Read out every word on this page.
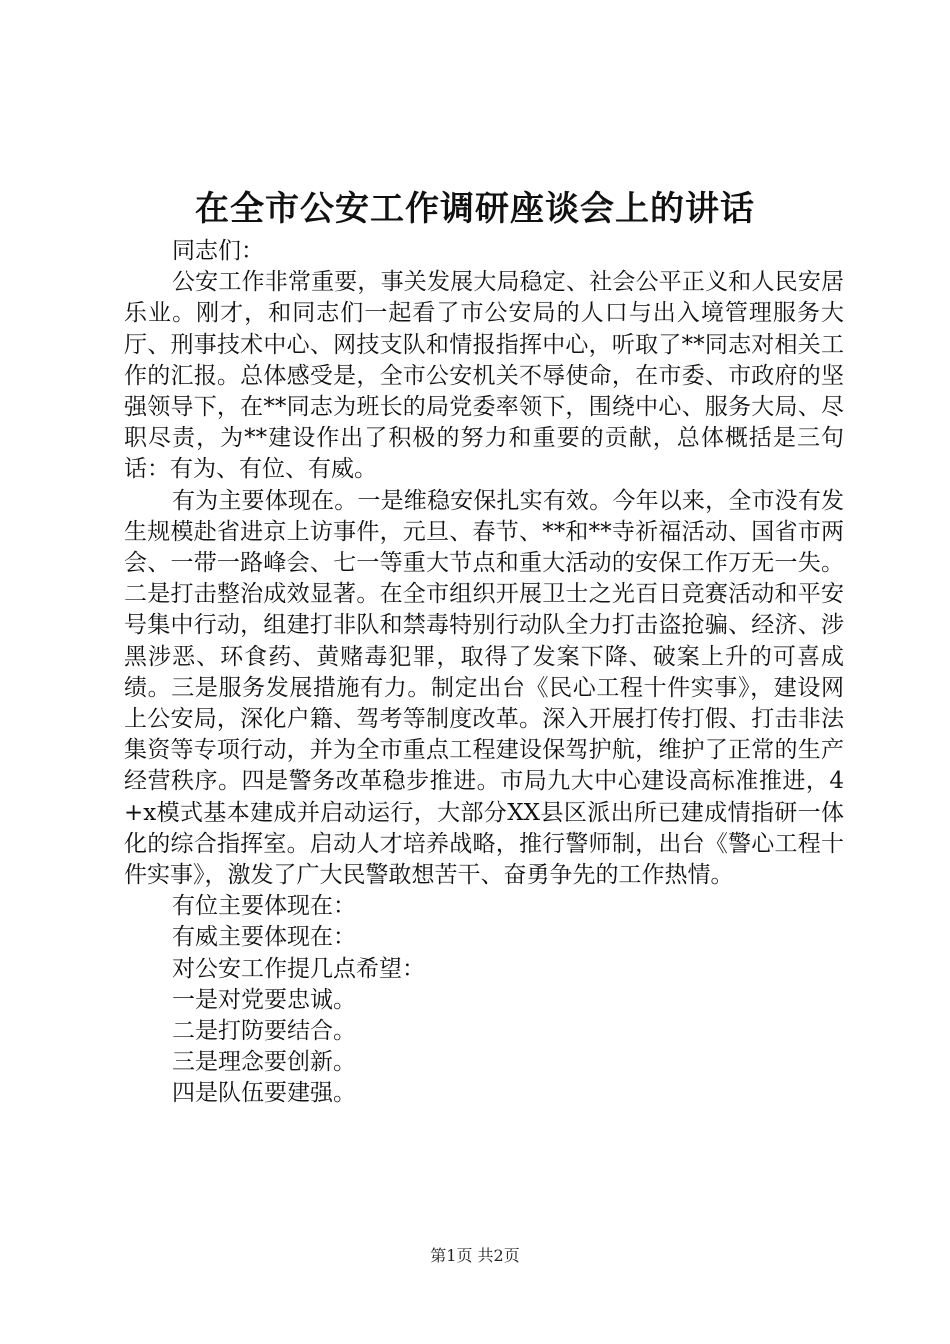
在全市公安工作调研座谈会上的讲话

同志们：

公安工作非常重要，事关发展大局稳定、社会公平正义和人民安居乐业。刚才，和同志们一起看了市公安局的人口与出入境管理服务大厅、刑事技术中心、网技支队和情报指挥中心，听取了**同志对相关工作的汇报。总体感受是，全市公安机关不辱使命，在市委、市政府的坚强领导下，在**同志为班长的局党委率领下，围绕中心、服务大局、尽职尽责，为**建设作出了积极的努力和重要的贡献，总体概括是三句话：有为、有位、有威。

有为主要体现在。一是维稳安保扎实有效。今年以来，全市没有发生规模赴省进京上访事件，元旦、春节、**和**寺祈福活动、国省市两会、一带一路峰会、七一等重大节点和重大活动的安保工作万无一失。二是打击整治成效显著。在全市组织开展卫士之光百日竞赛活动和平安号集中行动，组建打非队和禁毒特别行动队全力打击盗抢骗、经济、涉黑涉恶、环食药、黄赌毒犯罪，取得了发案下降、破案上升的可喜成绩。三是服务发展措施有力。制定出台《民心工程十件实事》，建设网上公安局，深化户籍、驾考等制度改革。深入开展打传打假、打击非法集资等专项行动，并为全市重点工程建设保驾护航，维护了正常的生产经营秩序。四是警务改革稳步推进。市局九大中心建设高标准推进，4+x模式基本建成并启动运行，大部分XX县区派出所已建成情指研一体化的综合指挥室。启动人才培养战略，推行警师制，出台《警心工程十件实事》，激发了广大民警敢想苦干、奋勇争先的工作热情。

有位主要体现在：

有威主要体现在：

对公安工作提几点希望：

一是对党要忠诚。

二是打防要结合。

三是理念要创新。

四是队伍要建强。

第1页 共2页
